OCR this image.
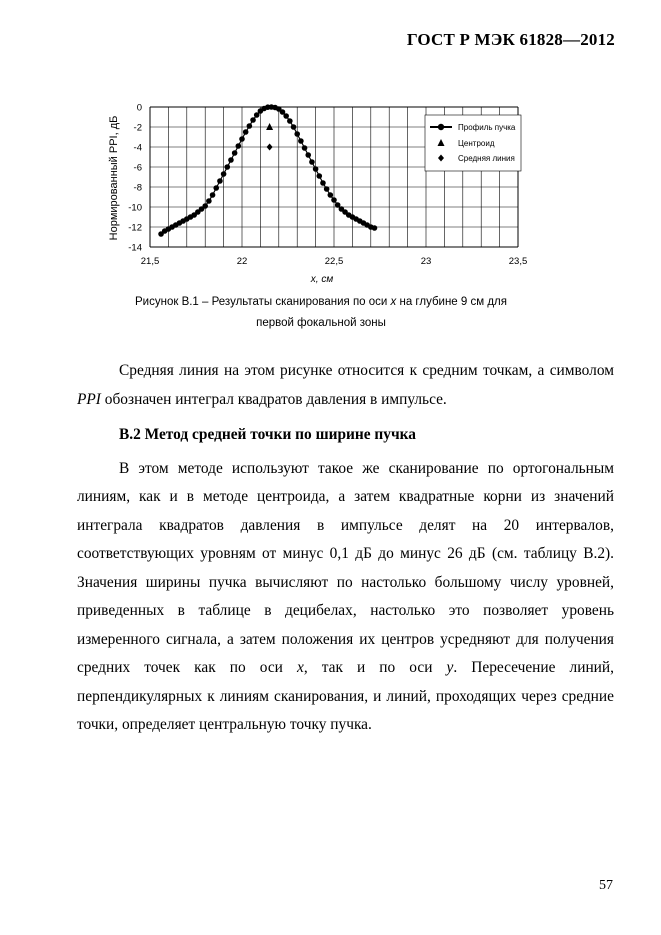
ГОСТ Р МЭК 61828—2012
0
-2
-4
-6
-8
-10
-12
-14
21,5	22	22,5	23	23,5
Нормированный PPI, дБ
x, см
Профиль пучка
Центроид
Средняя линия
Рисунок В.1 – Результаты сканирования по оси x на глубине 9 см для
первой фокальной зоны

Средняя линия на этом рисунке относится к средним точкам, а символом PPI обозначен интеграл квадратов давления в импульсе.

В.2 Метод средней точки по ширине пучка

В этом методе используют такое же сканирование по ортогональным линиям, как и в методе центроида, а затем квадратные корни из значений интеграла квадратов давления в импульсе делят на 20 интервалов, соответствующих уровням от минус 0,1 дБ до минус 26 дБ (см. таблицу В.2). Значения ширины пучка вычисляют по настолько большому числу уровней, приведенных в таблице в децибелах, настолько это позволяет уровень измеренного сигнала, а затем положения их центров усредняют для получения средних точек как по оси x, так и по оси y. Пересечение линий, перпендикулярных к линиям сканирования, и линий, проходящих через средние точки, определяет центральную точку пучка.

57
